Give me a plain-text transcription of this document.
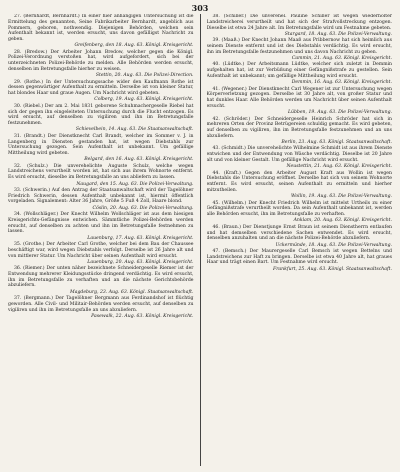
303

27. (Bernhardt, Bernhardt.) In einer hier anhängigen Untersuchung ist die Ermittelung des genannten, Seine Fabrikarbeiter Bernhardt, angeblich aus Pommern, geboren, nothwendig. Diejenigen Behörden, welchen sein Aufenthalt bekannt ist, werden ersucht, uns davon gefälligst Nachricht zu geben.

Greifenberg, den 18. Aug. 63. Königl. Kreisgericht.

28. (Bredow.) Der Arbeiter Johann Bredow, welcher gegen die Königl. Polizei-Verordnung verstoßen hat, wird aufgefordert, sich bei der unterzeichneten Polizei-Behörde zu melden. Alle Behörden werden ersucht, denselben im Betretungsfalle hierher zu weisen.

Stettin, 20. Aug. 63. Die Polizei-Direction.

29. (Rothe.) In der Untersuchungssache wider den Kaufmann Rothe ist dessen gegenwärtiger Aufenthalt zu ermitteln. Derselbe ist von kleiner Statur, hat blondes Haar und graue Augen. Um Nachricht wird gebeten.

Colberg, 19. Aug. 63. Königl. Kreisgericht.

30. (Riebel.) Der am 2. Mai 1831 geborene Schuhmachergeselle Riebel hat sich der gegen ihn eingeleiteten Untersuchung durch die Flucht entzogen. Es wird ersucht, auf denselben zu vigiliren und ihn im Betretungsfalle festzunehmen.

Schievelbein, 14. Aug. 63. Die Staatsanwaltschaft.

31. (Brandt.) Der Dienstknecht Carl Brandt, welcher im Sommer v. J. in Langenberg in Diensten gestanden hat, ist wegen Diebstahls zur Untersuchung gezogen. Sein Aufenthalt ist unbekannt. Um gefällige Mittheilung wird gebeten.

Belgard, den 16. Aug. 63. Königl. Kreisgericht.

32. (Schulz.) Die unverehelichte Auguste Schulz, welche wegen Landstreichens verurtheilt worden ist, hat sich aus ihrem Wohnorte entfernt. Es wird ersucht, dieselbe im Betretungsfalle an uns abliefern zu lassen.

Naugard, den 15. Aug. 63. Die Polizei-Verwaltung.

33. (Schwerin.) Auf den Antrag der Staatsanwaltschaft wird der Tagelöhner Friedrich Schwerin, dessen Aufenthalt unbekannt ist, hiermit öffentlich vorgeladen. Signalement: Alter 36 Jahre, Größe 5 Fuß 4 Zoll, Haare blond.

Cöslin, 20. Aug. 63. Die Polizei-Verwaltung.

34. (Wollschläger.) Der Knecht Wilhelm Wollschläger ist aus dem hiesigen Kreisgerichts-Gefängnisse entwichen. Sämmtliche Polizei-Behörden werden ersucht, auf denselben zu achten und ihn im Betretungsfalle festnehmen zu lassen.

Lauenburg, 17. Aug. 63. Königl. Kreisgericht.

35. (Grothe.) Der Arbeiter Carl Grothe, welcher bei dem Bau der Chaussee beschäftigt war, wird wegen Diebstahls verfolgt. Derselbe ist 26 Jahre alt und von mittlerer Statur. Um Nachricht über seinen Aufenthalt wird ersucht.

Lauenburg, 20. Aug. 63. Königl. Kreisgericht.

36. (Riemer.) Der unten näher bezeichnete Schneidergeselle Riemer ist der Entwendung mehrerer Kleidungsstücke dringend verdächtig. Es wird ersucht, ihn im Betretungsfalle zu verhaften und an die nächste Gerichtsbehörde abzuliefern.

Magdeburg, 23. Aug. 63. Königl. Staatsanwaltschaft.

37. (Bergmann.) Der Tagelöhner Bergmann aus Ferdinandshof ist flüchtig geworden. Alle Civil- und Militair-Behörden werden ersucht, auf denselben zu vigiliren und ihn im Betretungsfalle an uns abzuliefern.

Pasewalk, 22. Aug. 63. Königl. Kreisgericht.

38. (Schiller.) Die unverehel. Pauline Schiller ist wegen wiederholter Landstreicherei verurtheilt und hat sich der Strafvollstreckung entzogen. Dieselbe ist etwa 24 Jahre alt. Im Betretungsfalle wird um Festnahme gebeten.

Stargard, 18. Aug. 63. Die Polizei-Verwaltung.

39. (Maaß.) Der Knecht Johann Maaß aus Pribbernow hat sich heimlich aus seinem Dienste entfernt und ist des Diebstahls verdächtig. Es wird ersucht, ihn im Betretungsfalle festzunehmen und uns davon Nachricht zu geben.

Cammin, 21. Aug. 63. Königl. Kreisgericht.

40. (Lüdtke.) Der Arbeitsmann Lüdtke, welcher sich zuletzt in Demmin aufgehalten hat, ist zur Verbüßung einer Gefängnißstrafe zu gestellen. Sein Aufenthalt ist unbekannt; um gefällige Mittheilung wird ersucht.

Demmin, 16. Aug. 63. Königl. Kreisgericht.

41. (Wegener.) Der Dienstknecht Carl Wegener ist zur Untersuchung wegen Körperverletzung gezogen. Derselbe ist 30 Jahre alt, von großer Statur und hat dunkles Haar. Alle Behörden werden um Nachricht über seinen Aufenthalt ersucht.

Lübben, 19. Aug. 63. Die Polizei-Verwaltung.

42. (Schröder.) Der Schneidergeselle Heinrich Schröder hat sich in mehreren Orten der Provinz Betrügereien schuldig gemacht. Es wird gebeten, auf denselben zu vigiliren, ihn im Betretungsfalle festzunehmen und an uns abzuliefern.

Berlin, 23. Aug. 63. Königl. Staatsanwaltschaft.

43. (Schmidt.) Die unverehelichte Wilhelmine Schmidt ist aus ihrem Dienste entwichen und der Entwendung von Wäsche verdächtig. Dieselbe ist 20 Jahre alt und von kleiner Gestalt. Um gefällige Nachricht wird ersucht.

Neustettin, 21. Aug. 63. Königl. Kreisgericht.

44. (Kraft.) Gegen den Arbeiter August Kraft aus Wollin ist wegen Diebstahls die Untersuchung eröffnet. Derselbe hat sich von seinem Wohnorte entfernt. Es wird ersucht, seinen Aufenthalt zu ermitteln und hierher mitzutheilen.

Wollin, 19. Aug. 63. Die Polizei-Verwaltung.

45. (Wilhelm.) Der Knecht Friedrich Wilhelm ist mittelst Urtheils zu einer Gefängnißstrafe verurtheilt worden. Da sein Aufenthalt unbekannt ist, werden alle Behörden ersucht, ihn im Betretungsfalle zu verhaften.

Anklam, 20. Aug. 63. Königl. Kreisgericht.

46. (Braun.) Der Dienstjunge Ernst Braun ist seinem Dienstherrn entlaufen und hat demselben verschiedene Sachen entwendet. Es wird ersucht, denselben anzuhalten und an die nächste Polizei-Behörde abzuliefern.

Uckermünde, 18. Aug. 63. Die Polizei-Verwaltung.

47. (Bemsch.) Der Maurergeselle Carl Bemsch ist wegen Bettelns und Landstreichens zur Haft zu bringen. Derselbe ist etwa 40 Jahre alt, hat graues Haar und trägt einen Bart. Um Festnahme wird ersucht.

Frankfurt, 25. Aug. 63. Königl. Staatsanwaltschaft.
